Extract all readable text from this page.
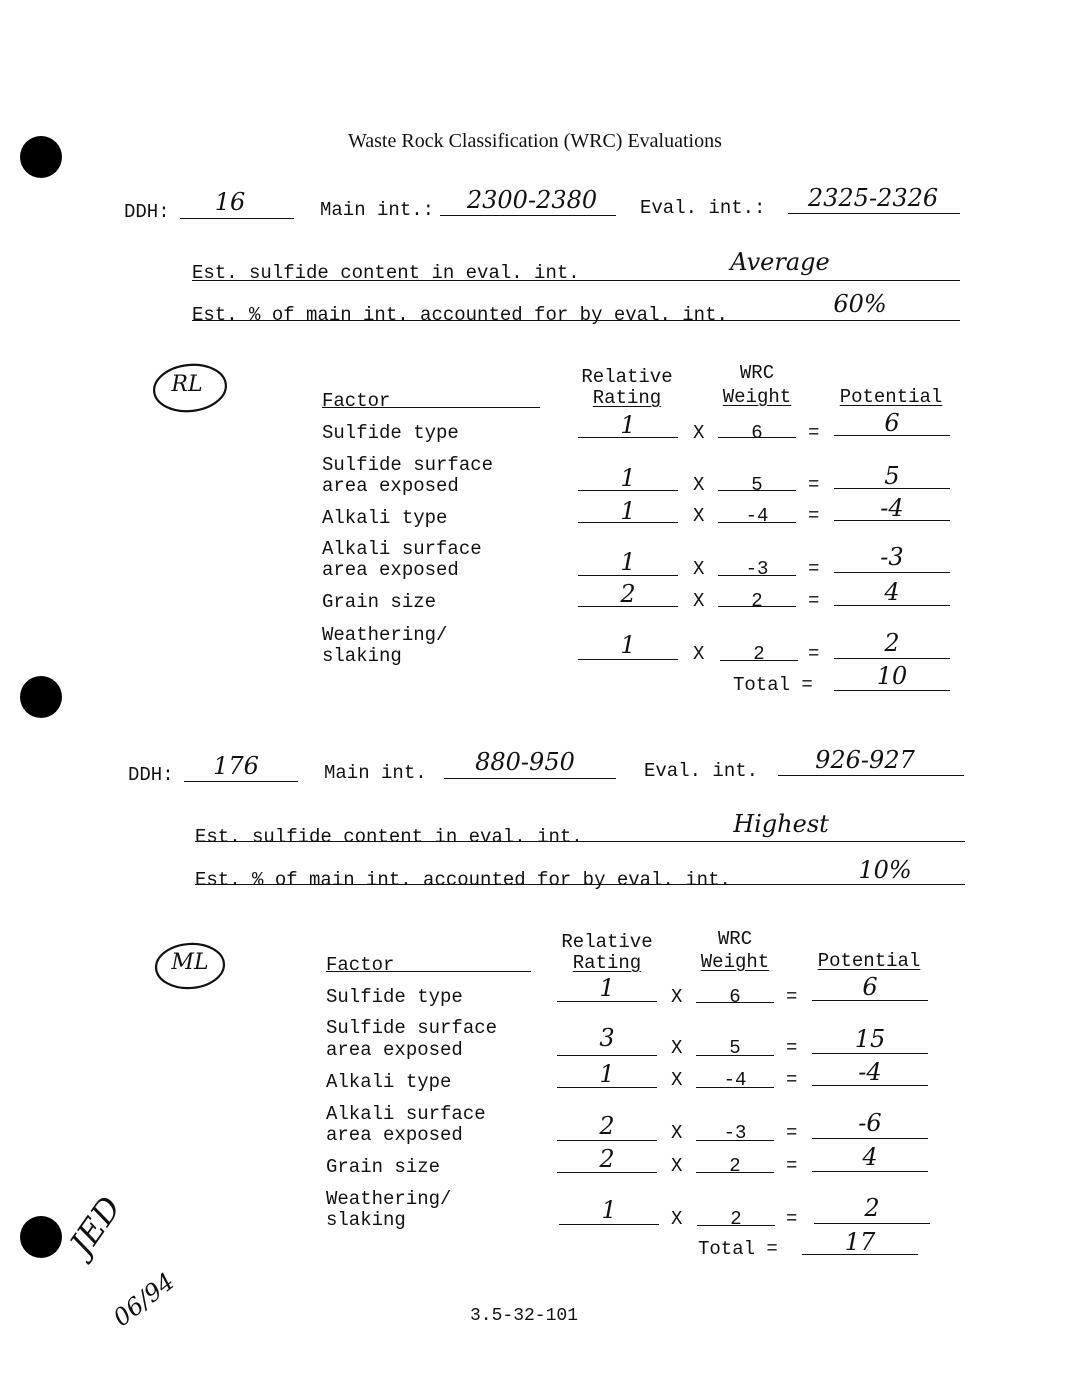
Waste Rock Classification (WRC) Evaluations
DDH:	16	Main int.:	2300-2380	Eval. int.:	2325-2326
Est. sulfide content in eval. int.	Average
Est. % of main int. accounted for by eval. int.	60%
RL
Factor
Relative
Rating
WRC
Weight	Potential
Sulfide type	1	X	6	=	6
Sulfide surface
area exposed	1	X	5	=	5
Alkali type	1	X	-4	=	-4
Alkali surface
area exposed	1	X	-3	=	-3
Grain size	2	X	2	=	4
Weathering/
slaking	1	X	2	=	2
Total =	10
DDH:	176	Main int.	880-950	Eval. int.	926-927
Est. sulfide content in eval. int.	Highest
Est. % of main int. accounted for by eval. int.	10%
ML	Factor
Relative
Rating
WRC
Weight	Potential
Sulfide type	1	X	6	=	6
Sulfide surface
area exposed	3	X	5	=	15
Alkali type	1	X	-4	=	-4
Alkali surface
area exposed	2	X	-3	=	-6
Grain size	2	X	2	=	4
Weathering/
slaking	1	X	2	=	2
Total =	17
JED
06/94	3.5-32-101
